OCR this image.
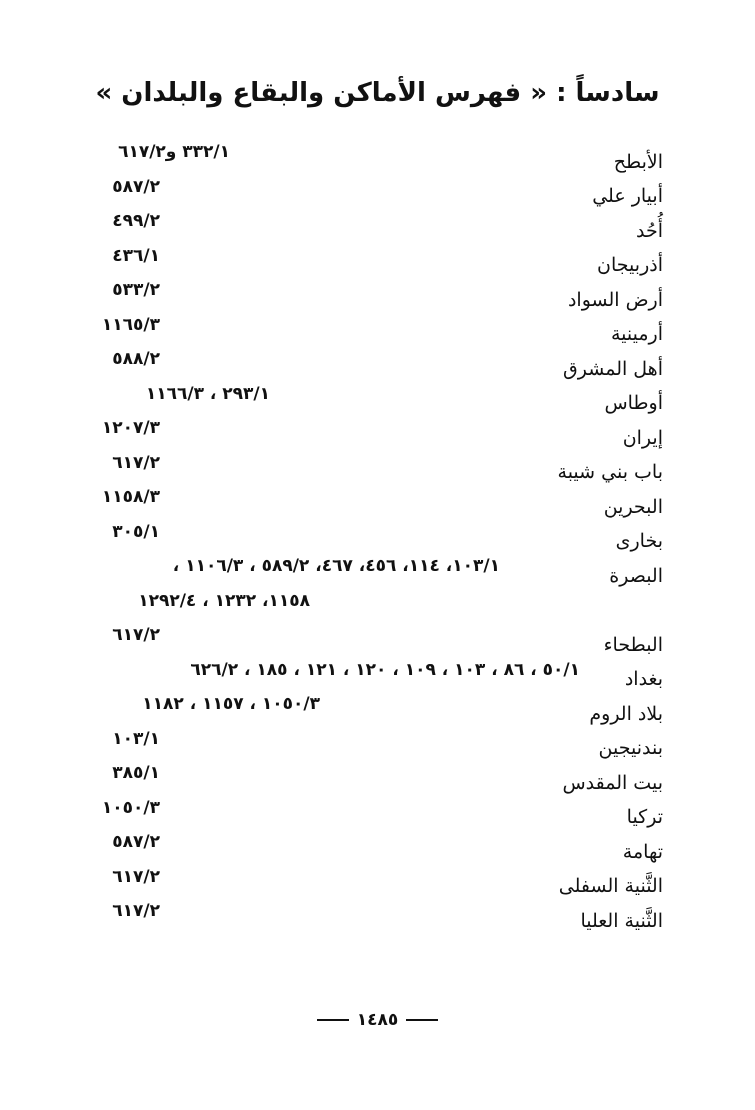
سادساً : « فهرس الأماكن والبقاع والبلدان »
٣٣٢/١ و٦١٧/٢	الأبطح
٥٨٧/٢	أبيار علي
٤٩٩/٢	أُحُد
٤٣٦/١	أذربيجان
٥٣٣/٢	أرض السواد
١١٦٥/٣	أرمينية
٥٨٨/٢	أهل المشرق
٢٩٣/١ ، ١١٦٦/٣	أوطاس
١٢٠٧/٣	إيران
٦١٧/٢	باب بني شيبة
١١٥٨/٣	البحرين
٣٠٥/١	بخارى
١٠٣/١، ١١٤، ٤٥٦، ٤٦٧، ٥٨٩/٢ ، ١١٠٦/٣ ،	البصرة
١١٥٨، ١٢٣٢ ، ١٢٩٢/٤
٦١٧/٢	البطحاء
٥٠/١ ، ٨٦ ، ١٠٣ ، ١٠٩ ، ١٢٠ ، ١٢١ ، ١٨٥ ، ٦٢٦/٢ بغداد
١٠٥٠/٣ ، ١١٥٧ ، ١١٨٢	بلاد الروم
١٠٣/١	بندنيجين
٣٨٥/١	بيت المقدس
١٠٥٠/٣	تركيا
٥٨٧/٢	تهامة
٦١٧/٢	الثَّنية السفلى
٦١٧/٢	الثَّنية العليا
١٤٨٥
